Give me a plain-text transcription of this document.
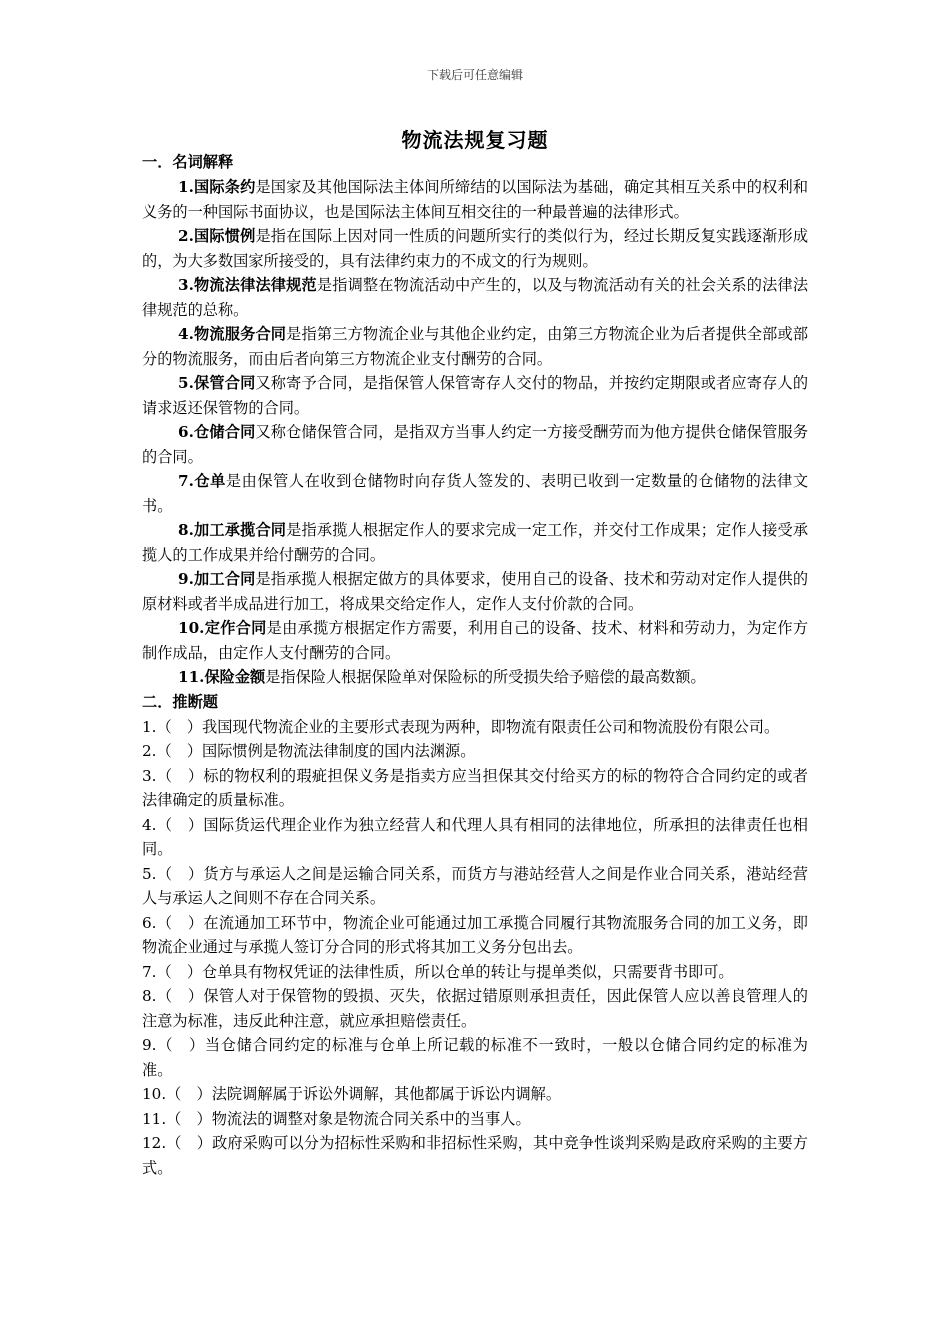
下载后可任意编辑
物流法规复习题

一．名词解释

1.国际条约是国家及其他国际法主体间所缔结的以国际法为基础，确定其相互关系中的权利和义务的一种国际书面协议，也是国际法主体间互相交往的一种最普遍的法律形式。

2.国际惯例是指在国际上因对同一性质的问题所实行的类似行为，经过长期反复实践逐渐形成的，为大多数国家所接受的，具有法律约束力的不成文的行为规则。

3.物流法律法律规范是指调整在物流活动中产生的，以及与物流活动有关的社会关系的法律法律规范的总称。

4.物流服务合同是指第三方物流企业与其他企业约定，由第三方物流企业为后者提供全部或部分的物流服务，而由后者向第三方物流企业支付酬劳的合同。

5.保管合同又称寄予合同，是指保管人保管寄存人交付的物品，并按约定期限或者应寄存人的请求返还保管物的合同。

6.仓储合同又称仓储保管合同，是指双方当事人约定一方接受酬劳而为他方提供仓储保管服务的合同。

7.仓单是由保管人在收到仓储物时向存货人签发的、表明已收到一定数量的仓储物的法律文书。

8.加工承揽合同是指承揽人根据定作人的要求完成一定工作，并交付工作成果；定作人接受承揽人的工作成果并给付酬劳的合同。

9.加工合同是指承揽人根据定做方的具体要求，使用自己的设备、技术和劳动对定作人提供的原材料或者半成品进行加工，将成果交给定作人，定作人支付价款的合同。

10.定作合同是由承揽方根据定作方需要，利用自己的设备、技术、材料和劳动力，为定作方制作成品，由定作人支付酬劳的合同。

11.保险金额是指保险人根据保险单对保险标的所受损失给予赔偿的最高数额。

二．推断题

1.（　）我国现代物流企业的主要形式表现为两种，即物流有限责任公司和物流股份有限公司。

2.（　）国际惯例是物流法律制度的国内法渊源。

3.（　）标的物权利的瑕疵担保义务是指卖方应当担保其交付给买方的标的物符合合同约定的或者法律确定的质量标准。

4.（　）国际货运代理企业作为独立经营人和代理人具有相同的法律地位，所承担的法律责任也相同。

5.（　）货方与承运人之间是运输合同关系，而货方与港站经营人之间是作业合同关系，港站经营人与承运人之间则不存在合同关系。

6.（　）在流通加工环节中，物流企业可能通过加工承揽合同履行其物流服务合同的加工义务，即物流企业通过与承揽人签订分合同的形式将其加工义务分包出去。

7.（　）仓单具有物权凭证的法律性质，所以仓单的转让与提单类似，只需要背书即可。

8.（　）保管人对于保管物的毁损、灭失，依据过错原则承担责任，因此保管人应以善良管理人的注意为标准，违反此种注意，就应承担赔偿责任。

9.（　）当仓储合同约定的标准与仓单上所记载的标准不一致时，一般以仓储合同约定的标准为准。

10.（　）法院调解属于诉讼外调解，其他都属于诉讼内调解。

11.（　）物流法的调整对象是物流合同关系中的当事人。

12.（　）政府采购可以分为招标性采购和非招标性采购，其中竞争性谈判采购是政府采购的主要方式。
